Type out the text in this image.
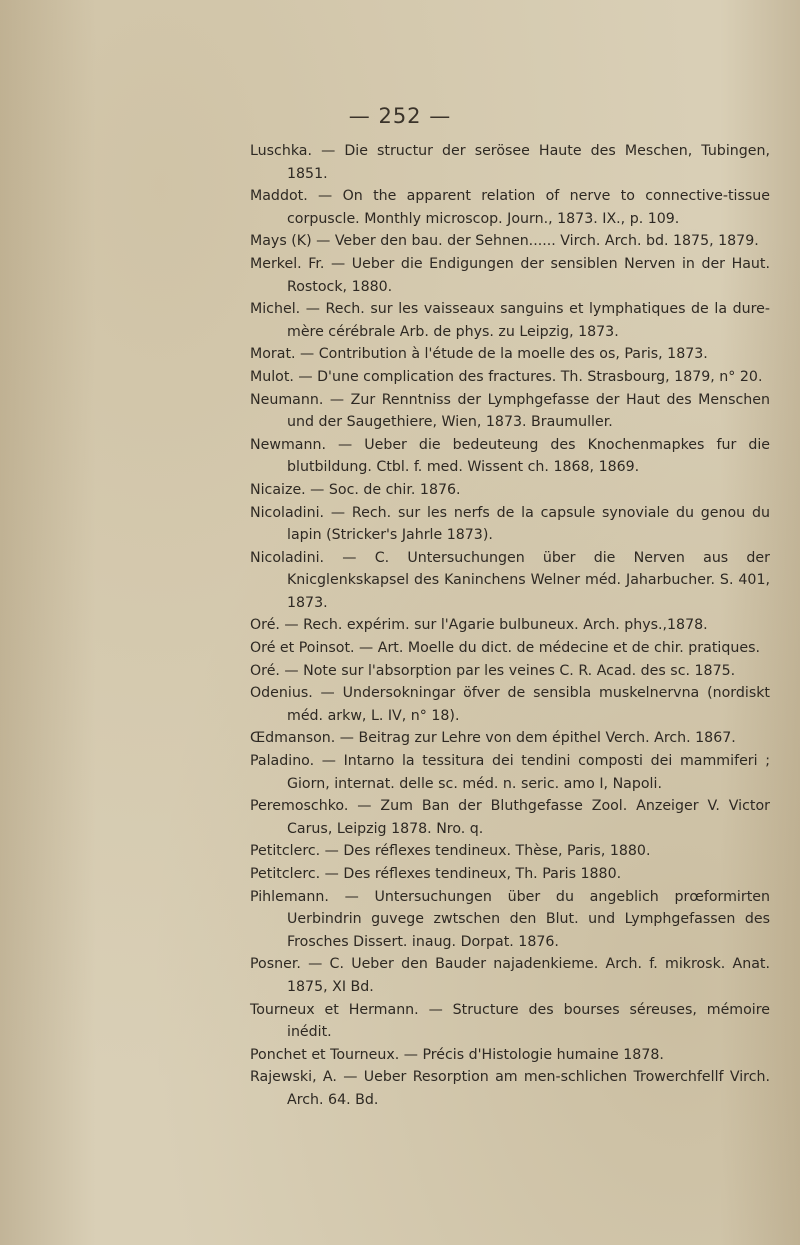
— 252 —
Luschka. — Die structur der serösee Haute des Meschen, Tubingen, 1851.
Maddot. — On the apparent relation of nerve to connective-tissue corpuscle. Monthly microscop. Journ., 1873. IX., p. 109.
Mays (K) — Veber den bau. der Sehnen...... Virch. Arch. bd. 1875, 1879.
Merkel. Fr. — Ueber die Endigungen der sensiblen Nerven in der Haut. Rostock, 1880.
Michel. — Rech. sur les vaisseaux sanguins et lymphatiques de la dure-mère cérébrale Arb. de phys. zu Leipzig, 1873.
Morat. — Contribution à l'étude de la moelle des os, Paris, 1873.
Mulot. — D'une complication des fractures. Th. Strasbourg, 1879, n° 20.
Neumann. — Zur Renntniss der Lymphgefasse der Haut des Menschen und der Saugethiere, Wien, 1873. Braumuller.
Newmann. — Ueber die bedeuteung des Knochenmapkes fur die blutbildung. Ctbl. f. med. Wissent ch. 1868, 1869.
Nicaize. — Soc. de chir. 1876.
Nicoladini. — Rech. sur les nerfs de la capsule synoviale du genou du lapin (Stricker's Jahrle 1873).
Nicoladini. — C. Untersuchungen über die Nerven aus der Knicglenkskapsel des Kaninchens Welner méd. Jaharbucher. S. 401, 1873.
Oré. — Rech. expérim. sur l'Agarie bulbuneux. Arch. phys.,1878.
Oré et Poinsot. — Art. Moelle du dict. de médecine et de chir. pratiques.
Oré. — Note sur l'absorption par les veines C. R. Acad. des sc. 1875.
Odenius. — Undersokningar öfver de sensibla muskelnervna (nordiskt méd. arkw, L. IV, n° 18).
Œdmanson. — Beitrag zur Lehre von dem épithel Verch. Arch. 1867.
Paladino. — Intarno la tessitura dei tendini composti dei mammiferi ; Giorn, internat. delle sc. méd. n. seric. amo I, Napoli.
Peremoschko. — Zum Ban der Bluthgefasse Zool. Anzeiger V. Victor Carus, Leipzig 1878. Nro. q.
Petitclerc. — Des réflexes tendineux. Thèse, Paris, 1880.
Petitclerc. — Des réflexes tendineux, Th. Paris 1880.
Pihlemann. — Untersuchungen über du angeblich prœformirten Uerbindrin guvege zwtschen den Blut. und Lymphgefassen des Frosches Dissert. inaug. Dorpat. 1876.
Posner. — C. Ueber den Bauder najadenkieme. Arch. f. mikrosk. Anat. 1875, XI Bd.
Tourneux et Hermann. — Structure des bourses séreuses, mémoire inédit.
Ponchet et Tourneux. — Précis d'Histologie humaine 1878.
Rajewski, A. — Ueber Resorption am men-schlichen Trowerchfellf Virch. Arch. 64. Bd.
